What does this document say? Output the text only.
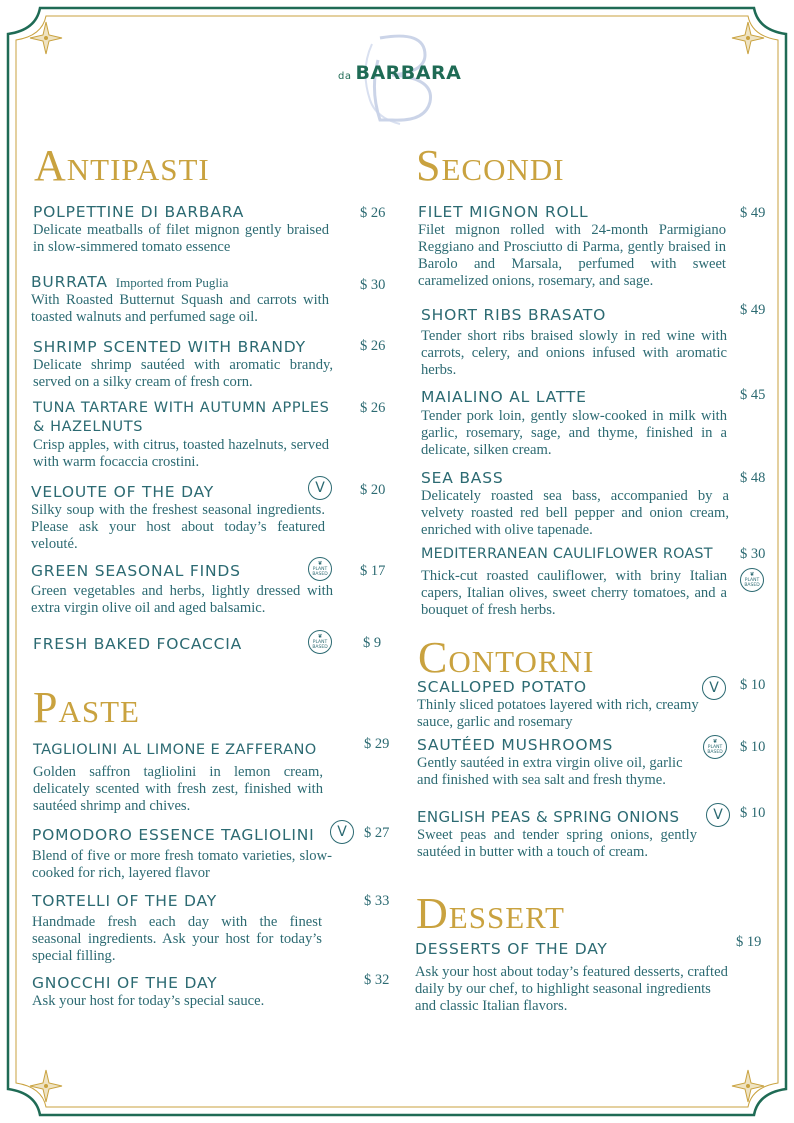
da BARBARA
Antipasti
POLPETTINE DI BARBARA
Delicate meatballs of filet mignon gently braised in slow-simmered tomato essence
$ 26
BURRATA Imported from Puglia
With Roasted Butternut Squash and carrots with toasted walnuts and perfumed sage oil.
$ 30
SHRIMP SCENTED WITH BRANDY
Delicate shrimp sautéed with aromatic brandy, served on a silky cream of fresh corn.
$ 26
TUNA TARTARE WITH AUTUMN APPLES & HAZELNUTS
Crisp apples, with citrus, toasted hazelnuts, served with warm focaccia crostini.
$ 26
VELOUTE OF THE DAY
Silky soup with the freshest seasonal ingredients. Please ask your host about today’s featured velouté.
V	$ 20
GREEN SEASONAL FINDS
Green vegetables and herbs, lightly dressed with extra virgin olive oil and aged balsamic.
❦
PLANT
BASED $ 17
FRESH BAKED FOCACCIA	❦
PLANT
BASED $ 9
Paste
TAGLIOLINI AL LIMONE E ZAFFERANO
Golden saffron tagliolini in lemon cream, delicately scented with fresh zest, finished with sautéed shrimp and chives.
$ 29
POMODORO ESSENCE TAGLIOLINI
Blend of five or more fresh tomato varieties, slow-cooked for rich, layered flavor
V	$ 27
TORTELLI OF THE DAY
Handmade fresh each day with the finest seasonal ingredients. Ask your host for today’s special filling.
$ 33
GNOCCHI OF THE DAY
Ask your host for today’s special sauce.
$ 32
Secondi
FILET MIGNON ROLL
Filet mignon rolled with 24-month Parmigiano Reggiano and Prosciutto di Parma, gently braised in Barolo and Marsala, perfumed with sweet caramelized onions, rosemary, and sage.
$ 49
SHORT RIBS BRASATO
Tender short ribs braised slowly in red wine with carrots, celery, and onions infused with aromatic herbs.
$ 49
MAIALINO AL LATTE
Tender pork loin, gently slow-cooked in milk with garlic, rosemary, sage, and thyme, finished in a delicate, silken cream.
$ 45
SEA BASS
Delicately roasted sea bass, accompanied by a velvety roasted red bell pepper and onion cream, enriched with olive tapenade.
$ 48
MEDITERRANEAN CAULIFLOWER ROAST
Thick-cut roasted cauliflower, with briny Italian capers, Italian olives, sweet cherry tomatoes, and a bouquet of fresh herbs.
$ 30
❦
PLANT
BASED
Contorni
SCALLOPED POTATO
Thinly sliced potatoes layered with rich, creamy sauce, garlic and rosemary
V	$ 10
SAUTÉED MUSHROOMS
Gently sautéed in extra virgin olive oil, garlic and finished with sea salt and fresh thyme.
❦
PLANT
BASED $ 10
ENGLISH PEAS & SPRING ONIONS
Sweet peas and tender spring onions, gently sautéed in butter with a touch of cream.
V	$ 10
Dessert
DESSERTS OF THE DAY
Ask your host about today’s featured desserts, crafted daily by our chef, to highlight seasonal ingredients and classic Italian flavors.
$ 19
